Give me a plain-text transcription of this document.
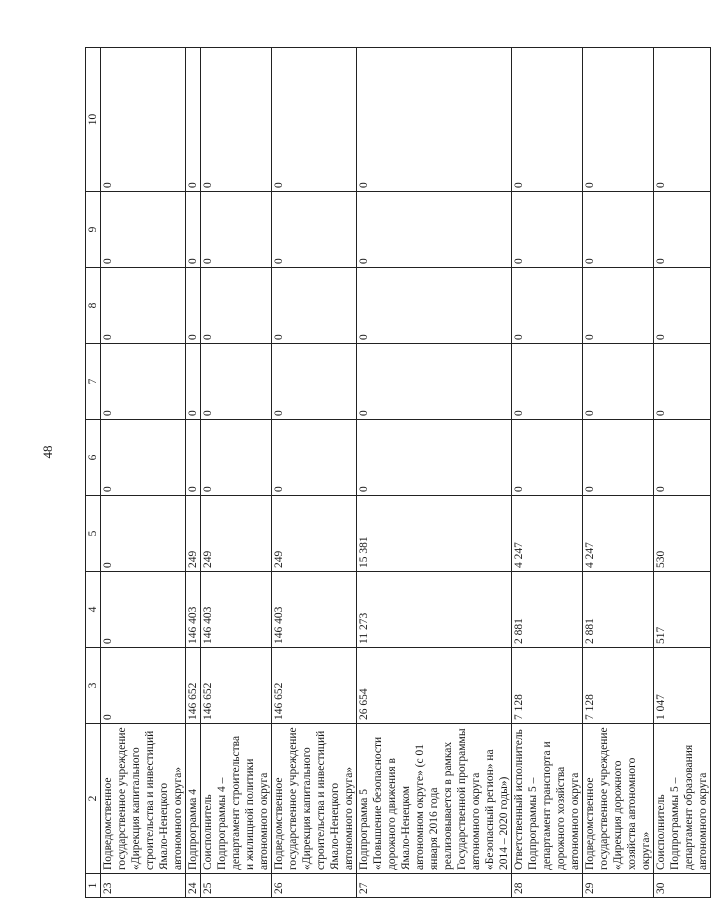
48
1	2	3	4	5	6	7	8	9	10
23	Подведомственное государственное учреждение «Дирекция капитального строительства и инвестиций Ямало-Ненецкого автономного округа»	0	0	0	0	0	0	0	0
24	Подпрограмма 4	146 652	146 403	249	0	0	0	0	0
25	Соисполнитель Подпрограммы 4 – департамент строительства и жилищной политики автономного округа	146 652	146 403	249	0	0	0	0	0
26	Подведомственное государственное учреждение «Дирекция капитального строительства и инвестиций Ямало-Ненецкого автономного округа»	146 652	146 403	249	0	0	0	0	0
27	Подпрограмма 5 «Повышение безопасности дорожного движения в Ямало-Ненецком автономном округе» (с 01 января 2016 года реализовывается в рамках Государственной программы автономного округа «Безопасный регион» на 2014 – 2020 годы»)	26 654	11 273	15 381	0	0	0	0	0
28	Ответственный исполнитель Подпрограммы 5 – департамент транспорта и дорожного хозяйства автономного округа	7 128	2 881	4 247	0	0	0	0	0
29	Подведомственное государственное учреждение «Дирекция дорожного хозяйства автономного округа»	7 128	2 881	4 247	0	0	0	0	0
30	Соисполнитель Подпрограммы 5 – департамент образования автономного округа	1 047	517	530	0	0	0	0	0
